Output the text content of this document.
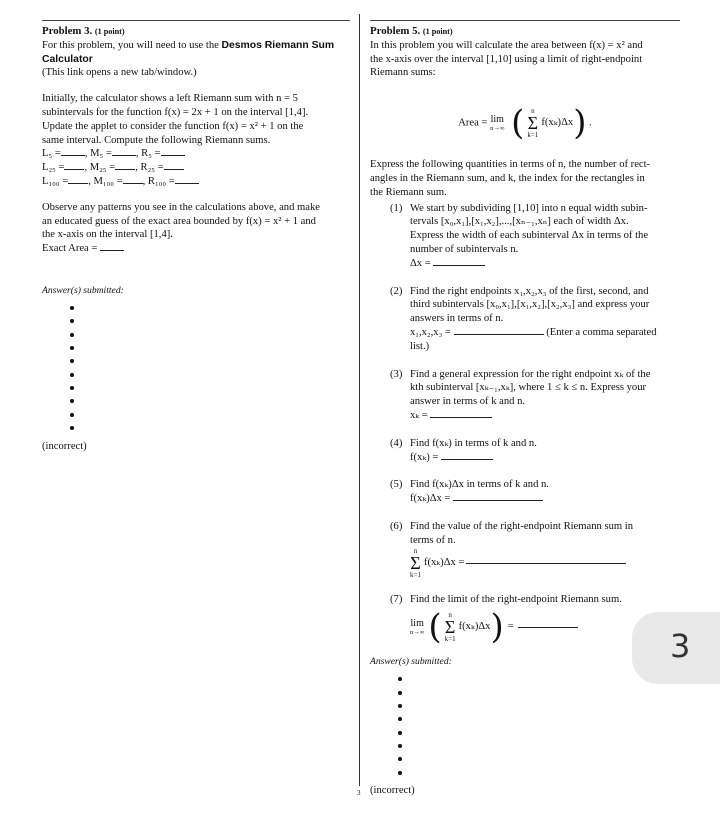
Problem 3. (1 point)

For this problem, you will need to use the Desmos Riemann Sum Calculator

(This link opens a new tab/window.)

Initially, the calculator shows a left Riemann sum with n = 5

subintervals for the function f(x) = 2x + 1 on the interval [1,4].

Update the applet to consider the function f(x) = x² + 1 on the

same interval. Compute the following Riemann sums.

L₅ = , M₅ = , R₅ =

L₂₅ = , M₂₅ = , R₂₅ =

L₁₀₀ = , M₁₀₀ = , R₁₀₀ =

Observe any patterns you see in the calculations above, and make

an educated guess of the exact area bounded by f(x) = x² + 1 and

the x-axis on the interval [1,4].

Exact Area =

Answer(s) submitted:

(incorrect)

Problem 5. (1 point)

In this problem you will calculate the area between f(x) = x² and

the x-axis over the interval [1,10] using a limit of right-endpoint

Riemann sums:

Area = lim
n→∞
( n
Σ
k=1
f(xₖ)Δx ) .

Express the following quantities in terms of n, the number of rect-

angles in the Riemann sum, and k, the index for the rectangles in

the Riemann sum.

(1) We start by subdividing [1,10] into n equal width subin-

tervals [x₀,x₁],[x₁,x₂],...,[xₙ₋₁,xₙ] each of width Δx.

Express the width of each subinterval Δx in terms of the

number of subintervals n.

Δx =

(2) Find the right endpoints x₁,x₂,x₃ of the first, second, and

third subintervals [x₀,x₁],[x₁,x₂],[x₂,x₃] and express your

answers in terms of n.

x₁,x₂,x₃ =	(Enter a comma separated

list.)

(3) Find a general expression for the right endpoint xₖ of the

kth subinterval [xₖ₋₁,xₖ], where 1 ≤ k ≤ n. Express your

answer in terms of k and n.

xₖ =

(4) Find f(xₖ) in terms of k and n.

f(xₖ) =

(5) Find f(xₖ)Δx in terms of k and n.

f(xₖ)Δx =

(6) Find the value of the right-endpoint Riemann sum in

terms of n.

n
Σ
k=1
f(xₖ)Δx =

(7) Find the limit of the right-endpoint Riemann sum.

lim
n→∞ ( n
Σ
k=1
f(xₖ)Δx ) =

Answer(s) submitted:

(incorrect)

3
3
